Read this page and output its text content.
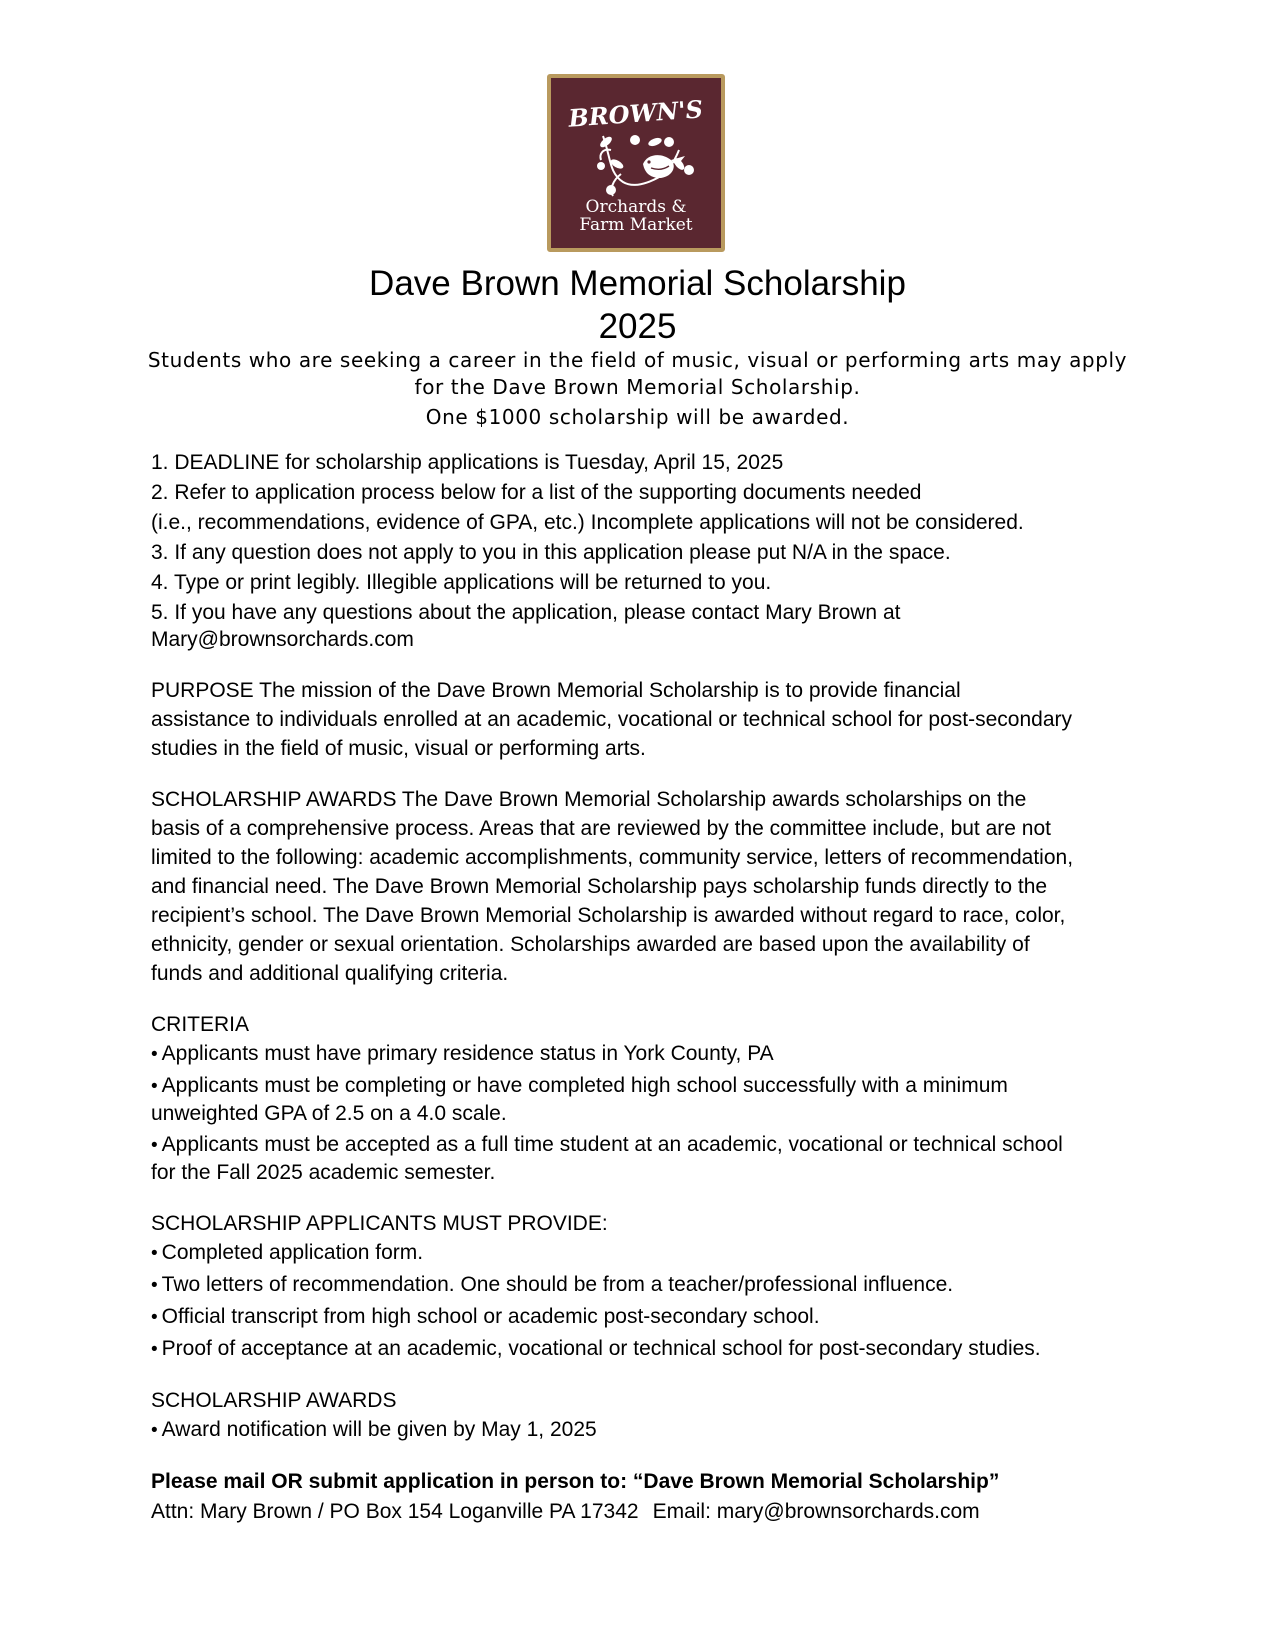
BROWN'S
Orchards &
Farm Market
Dave Brown Memorial Scholarship
2025

Students who are seeking a career in the field of music, visual or performing arts may apply

for the Dave Brown Memorial Scholarship.

One $1000 scholarship will be awarded.

1. DEADLINE for scholarship applications is Tuesday, April 15, 2025

2. Refer to application process below for a list of the supporting documents needed

(i.e., recommendations, evidence of GPA, etc.) Incomplete applications will not be considered.

3. If any question does not apply to you in this application please put N/A in the space.

4. Type or print legibly. Illegible applications will be returned to you.

5. If you have any questions about the application, please contact Mary Brown at

Mary@brownsorchards.com

PURPOSE The mission of the Dave Brown Memorial Scholarship is to provide financial

assistance to individuals enrolled at an academic, vocational or technical school for post-secondary

studies in the field of music, visual or performing arts.

SCHOLARSHIP AWARDS The Dave Brown Memorial Scholarship awards scholarships on the

basis of a comprehensive process. Areas that are reviewed by the committee include, but are not

limited to the following: academic accomplishments, community service, letters of recommendation,

and financial need. The Dave Brown Memorial Scholarship pays scholarship funds directly to the

recipient’s school. The Dave Brown Memorial Scholarship is awarded without regard to race, color,

ethnicity, gender or sexual orientation. Scholarships awarded are based upon the availability of

funds and additional qualifying criteria.

CRITERIA

• Applicants must have primary residence status in York County, PA
• Applicants must be completing or have completed high school successfully with a minimum
unweighted GPA of 2.5 on a 4.0 scale.
• Applicants must be accepted as a full time student at an academic, vocational or technical school
for the Fall 2025 academic semester.

SCHOLARSHIP APPLICANTS MUST PROVIDE:

• Completed application form.
• Two letters of recommendation. One should be from a teacher/professional influence.
• Official transcript from high school or academic post-secondary school.
• Proof of acceptance at an academic, vocational or technical school for post-secondary studies.

SCHOLARSHIP AWARDS

• Award notification will be given by May 1, 2025

Please mail OR submit application in person to: “Dave Brown Memorial Scholarship”

Attn: Mary Brown / PO Box 154 Loganville PA 17342 Email: mary@brownsorchards.com
